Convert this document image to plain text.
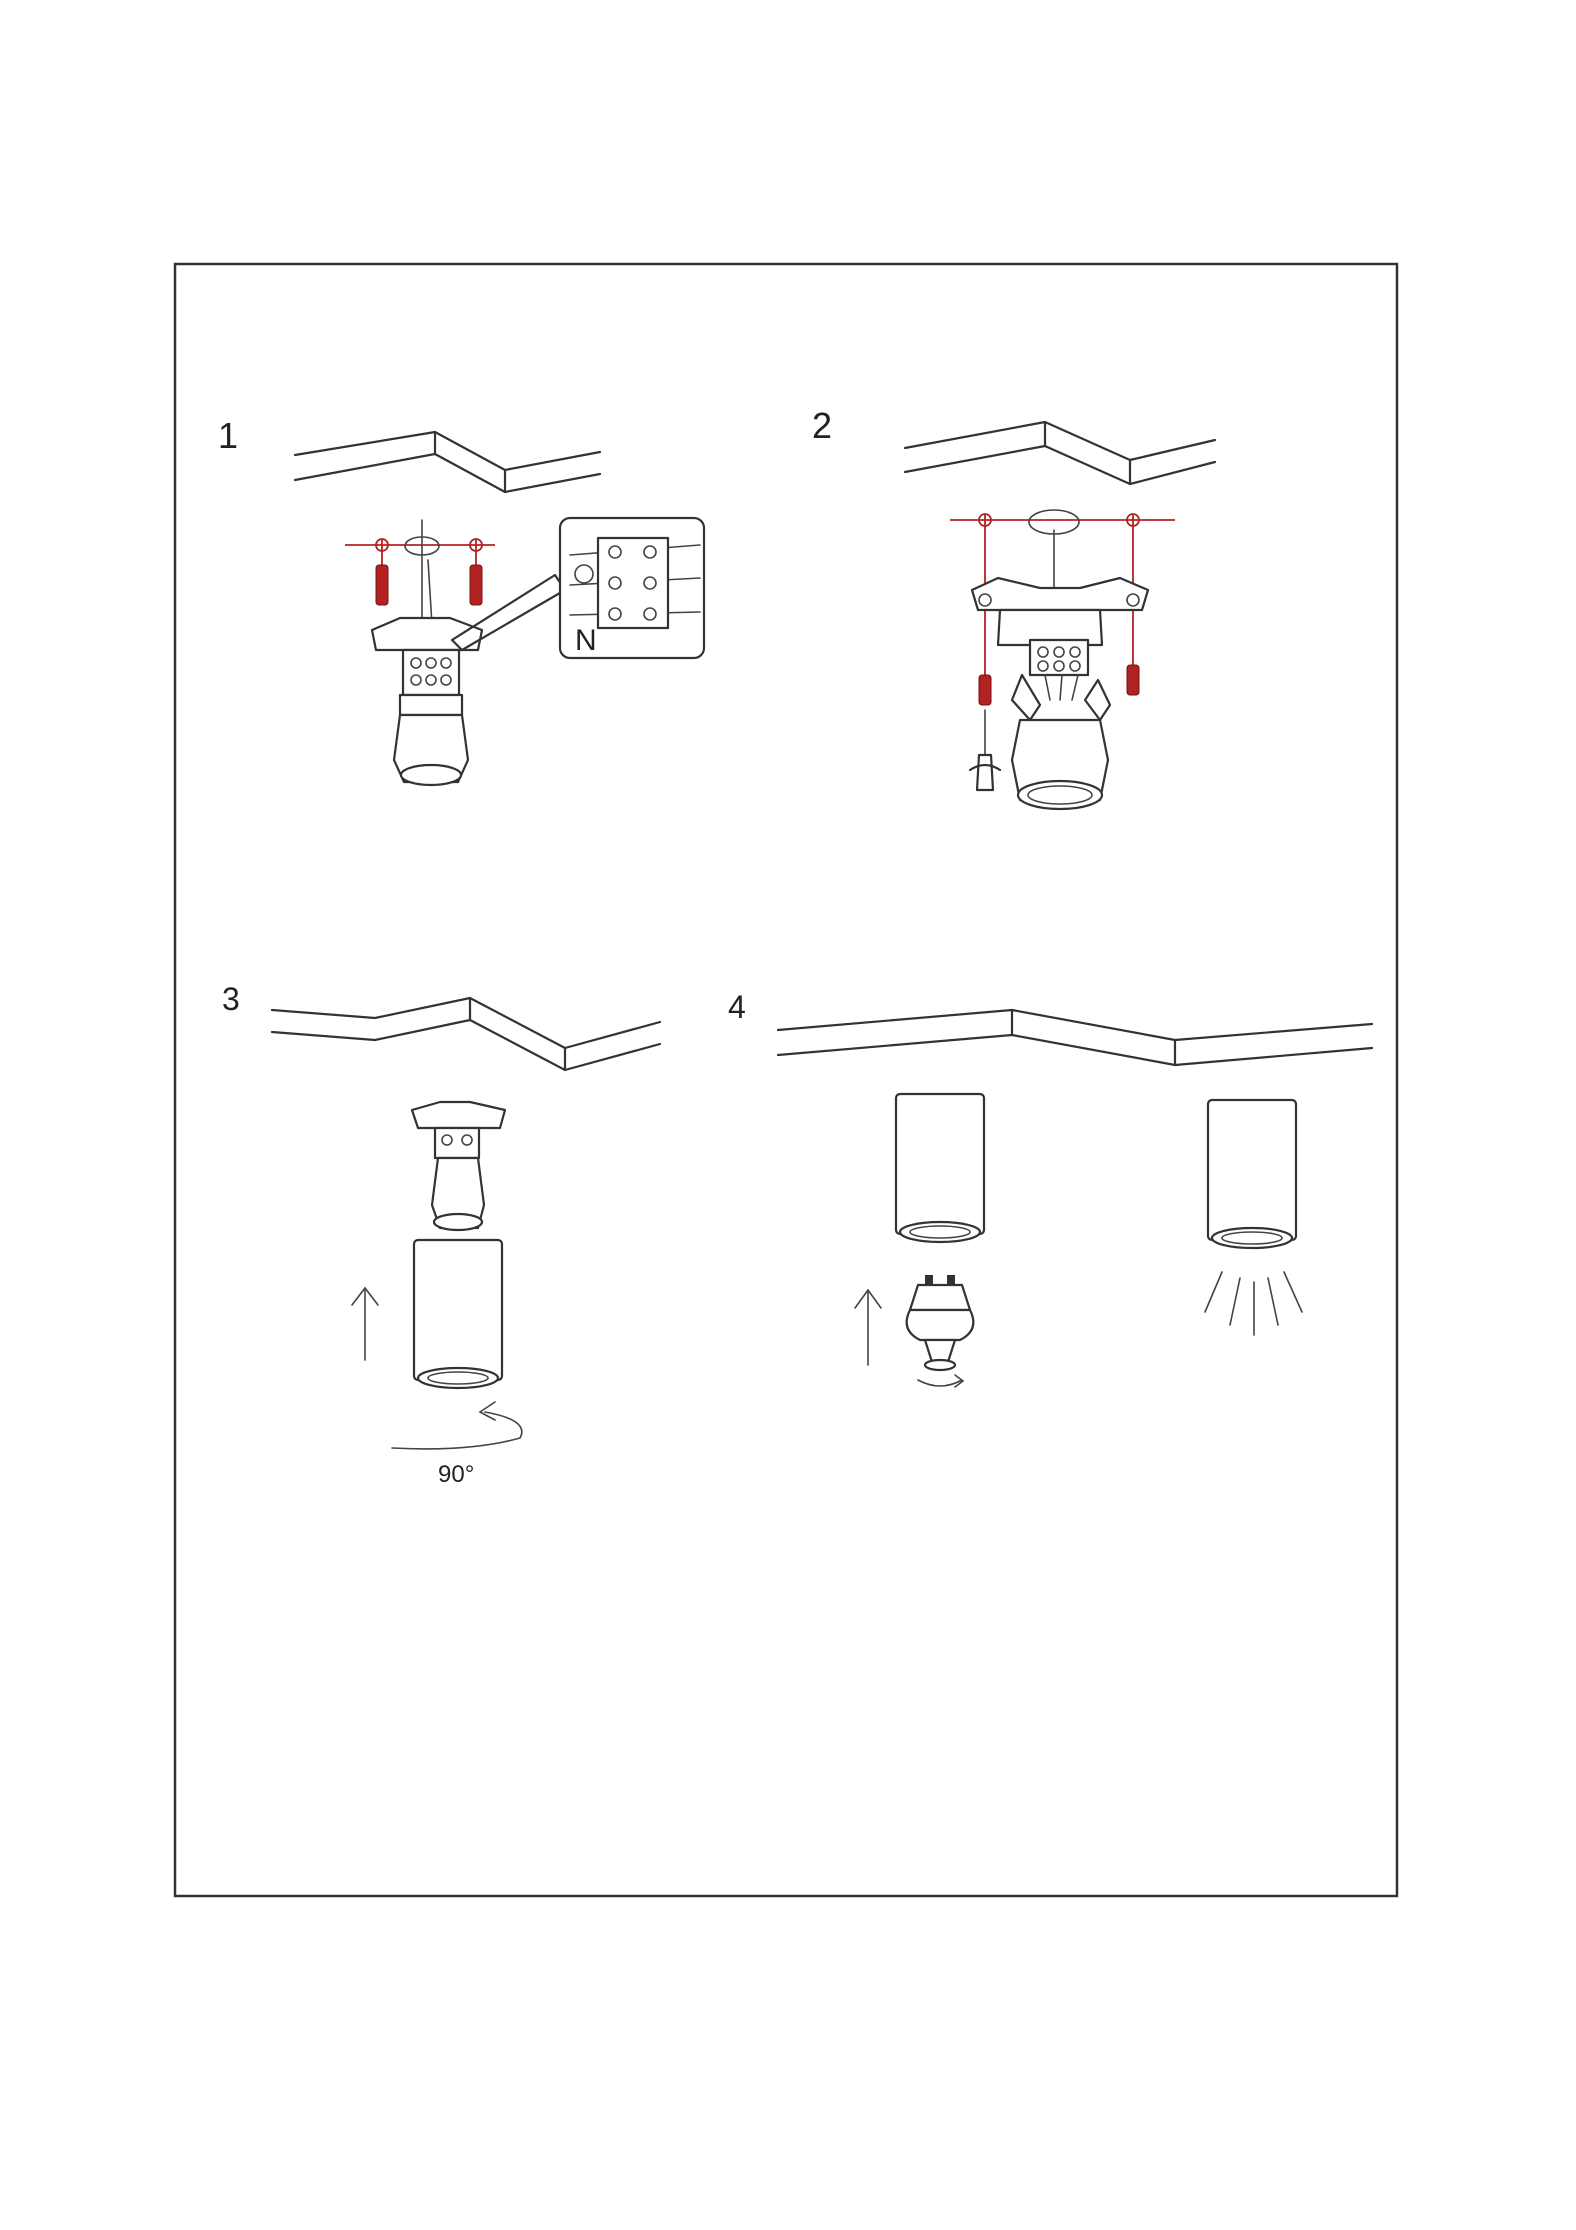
1
N
2
3
90°
4
